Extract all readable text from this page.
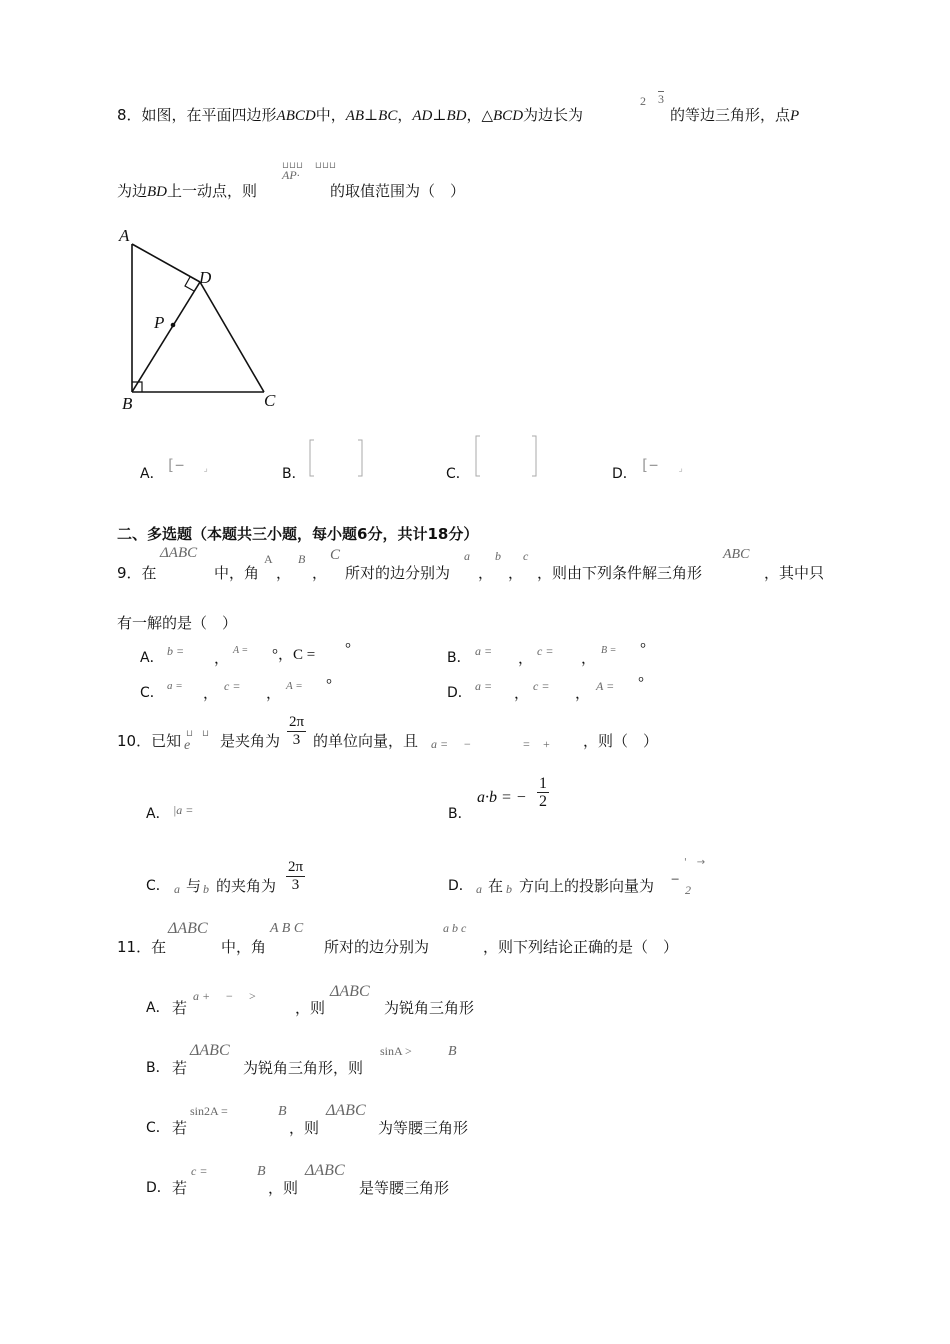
8．如图，在平面四边形ABCD中，AB⊥BC，AD⊥BD，△BCD为边长为
2 3
的等边三角形，点P
⊔⊔⊔　 ⊔⊔⊔
为边BD上一动点，则
AP·
的取值范围为（　）
A
D
P
B	C
A． [− ⌟	B．	C．	D． [− ⌟
二、多选题（本题共三小题，每小题6分，共计18分）
9．在
ΔABC
中，角
A
，
B
，
C
所对的边分别为
a
，
b
，
c
，则由下列条件解三角形
ABC
，其中只
有一解的是（　）
A． b = ， A = °，C = °
B． a = ， c = ， B = °
C． a = ， c = ， A = °	D． a = ， c = ， A = °
10．已知 e
⊔　⊔ 是夹角为 $\frac{2\pi}{3}$ 的单位向量，且 a =　 −　　　　 =　+ ，则（　）
A． |a =	B．
a·b = − $\frac{1}{2}$
C． a 与 b 的夹角为 $\frac{2\pi}{3}$	D． a 在 b 方向上的投影向量为 −
2
'　→
11．在
ΔABC
中，角
A B C
所对的边分别为
a b c
，则下列结论正确的是（　）
A． 若
a +　 −　 >
，则
ΔABC
为锐角三角形
B． 若
ΔABC
为锐角三角形，则
sinA >	B
C． 若
sin2A =	B
，则
ΔABC
为等腰三角形
D． 若
c =	B
，则
ΔABC
是等腰三角形
